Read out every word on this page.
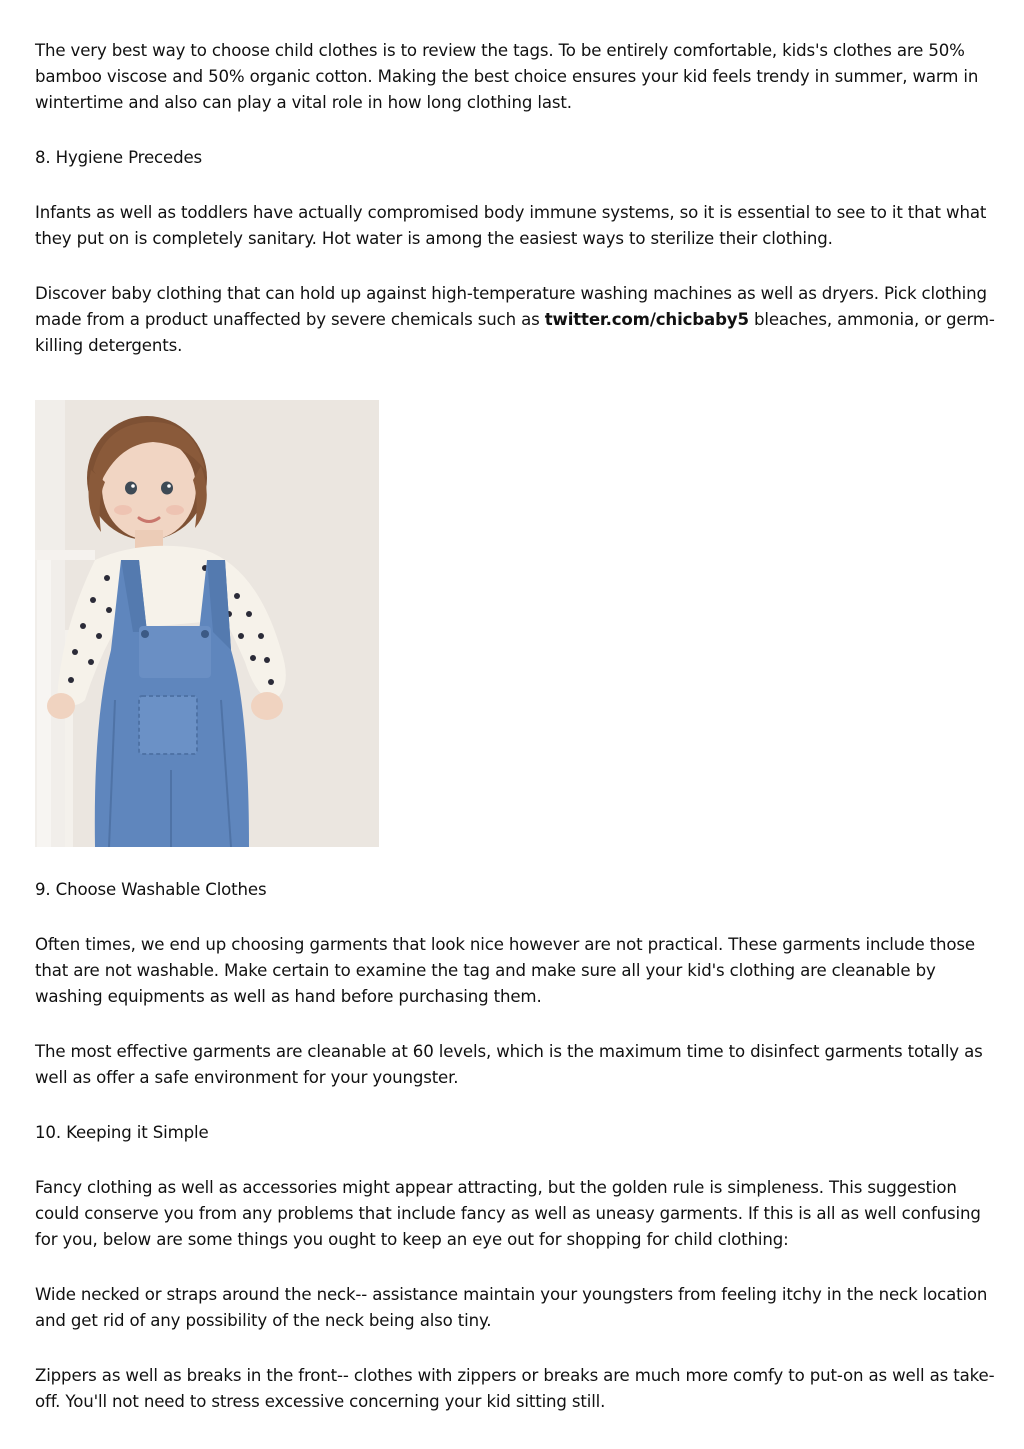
The very best way to choose child clothes is to review the tags. To be entirely comfortable, kids's clothes are 50% bamboo viscose and 50% organic cotton. Making the best choice ensures your kid feels trendy in summer, warm in wintertime and also can play a vital role in how long clothing last.

8. Hygiene Precedes

Infants as well as toddlers have actually compromised body immune systems, so it is essential to see to it that what they put on is completely sanitary. Hot water is among the easiest ways to sterilize their clothing.

Discover baby clothing that can hold up against high-temperature washing machines as well as dryers. Pick clothing made from a product unaffected by severe chemicals such as twitter.com/chicbaby5 bleaches, ammonia, or germ-killing detergents.

9. Choose Washable Clothes

Often times, we end up choosing garments that look nice however are not practical. These garments include those that are not washable. Make certain to examine the tag and make sure all your kid's clothing are cleanable by washing equipments as well as hand before purchasing them.

The most effective garments are cleanable at 60 levels, which is the maximum time to disinfect garments totally as well as offer a safe environment for your youngster.

10. Keeping it Simple

Fancy clothing as well as accessories might appear attracting, but the golden rule is simpleness. This suggestion could conserve you from any problems that include fancy as well as uneasy garments. If this is all as well confusing for you, below are some things you ought to keep an eye out for shopping for child clothing:

Wide necked or straps around the neck-- assistance maintain your youngsters from feeling itchy in the neck location and get rid of any possibility of the neck being also tiny.

Zippers as well as breaks in the front-- clothes with zippers or breaks are much more comfy to put-on as well as take-off. You'll not need to stress excessive concerning your kid sitting still.
